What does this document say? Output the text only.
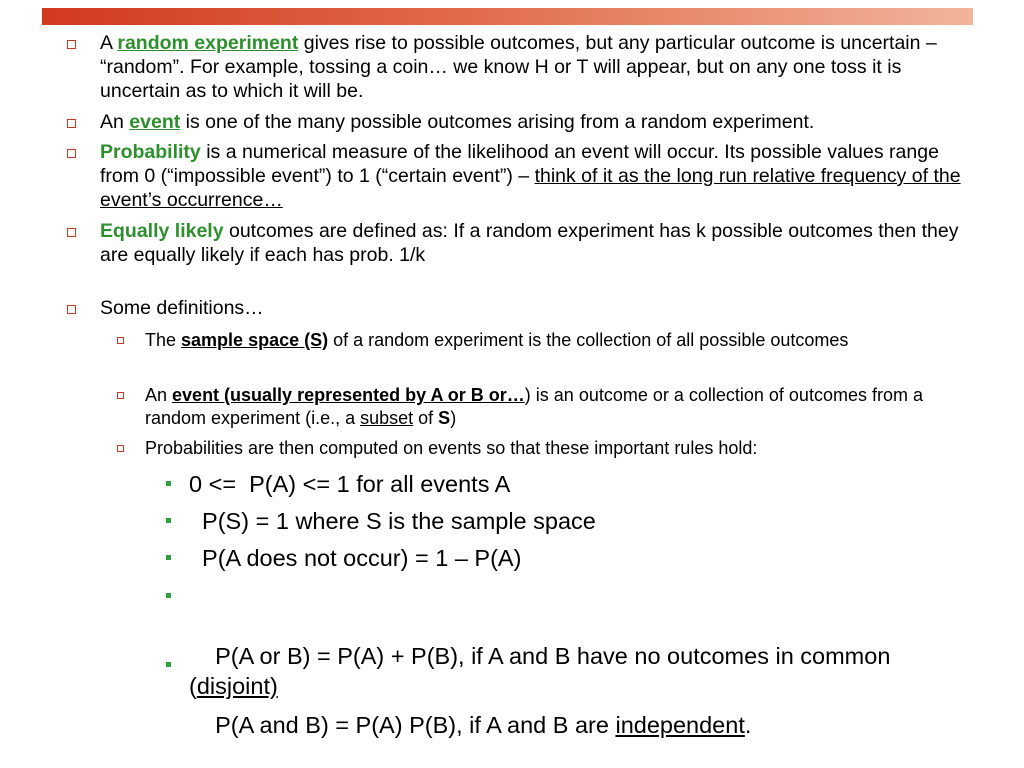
A random experiment gives rise to possible outcomes, but any particular outcome is uncertain – “random”. For example, tossing a coin… we know H or T will appear, but on any one toss it is uncertain as to which it will be.

An event is one of the many possible outcomes arising from a random experiment.

Probability is a numerical measure of the likelihood an event will occur. Its possible values range from 0 (“impossible event”) to 1 (“certain event”) – think of it as the long run relative frequency of the event’s occurrence…

Equally likely outcomes are defined as: If a random experiment has k possible outcomes then they are equally likely if each has prob. 1/k

Some definitions…

The sample space (S) of a random experiment is the collection of all possible outcomes

An event (usually represented by A or B or…) is an outcome or a collection of outcomes from a random experiment (i.e., a subset of S)

Probabilities are then computed on events so that these important rules hold:

0 <=  P(A) <= 1 for all events A

P(S) = 1 where S is the sample space

P(A does not occur) = 1 – P(A)

P(A or B) = P(A) + P(B), if A and B have no outcomes in common (disjoint)

P(A and B) = P(A) P(B), if A and B are independent.
